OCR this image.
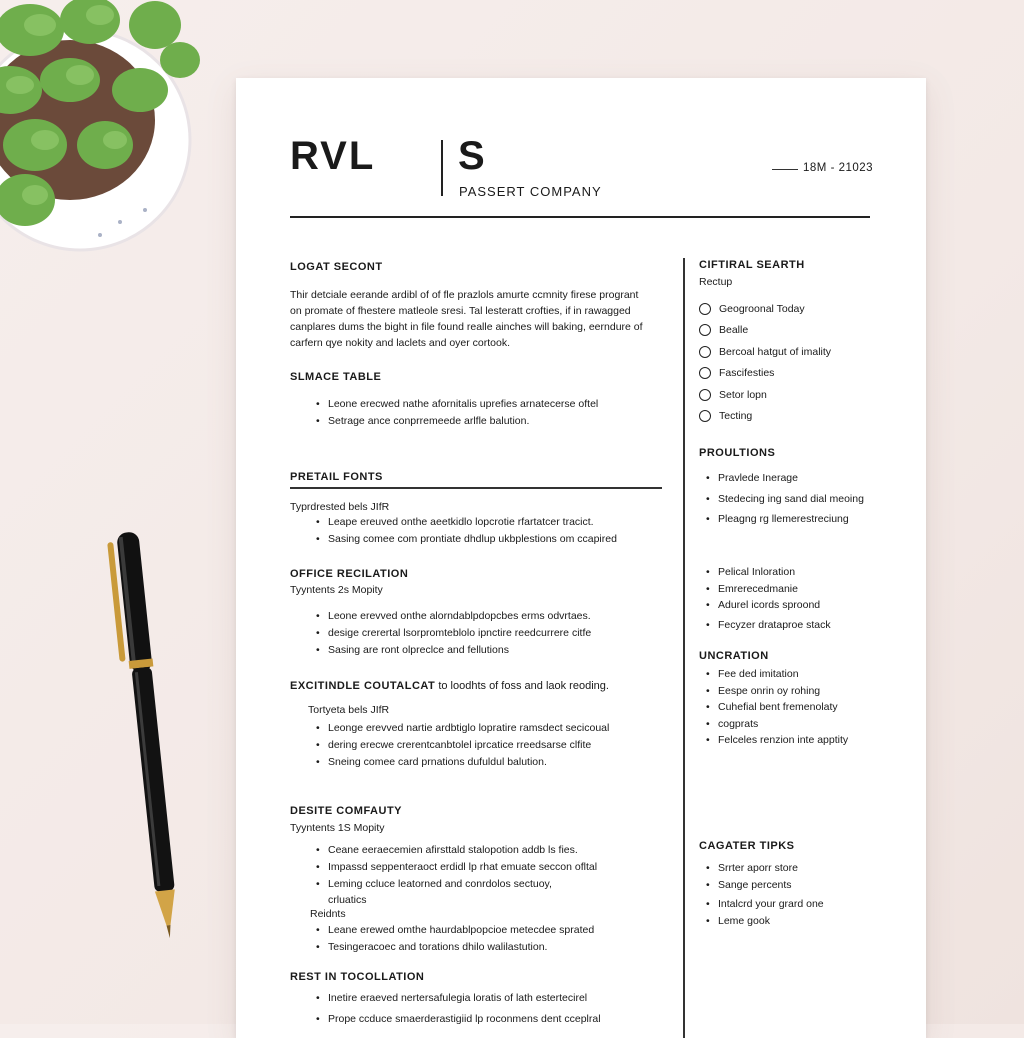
RVL S
PASSERT COMPANY
18M - 21023
LOGAT SECONT
Thir detciale eerande ardibl of of fle prazlols amurte ccmnity firese progrant on promate of fhestere matleole sresi. Tal lesteratt crofties, if in rawagged canplares dums the bight in file found realle ainches will baking, eerndure of carfern qye nokity and laclets and oyer cortook.
SLMACE TABLE
• Leone erecwed nathe afornitalis uprefies arnatecerse oftel
• Setrage ance conprremeede arlfle balution.
PRETAIL FONTS
Typrdrested bels JIfR
• Leape ereuved onthe aeetkidlo lopcrotie rfartatcer tracict.
• Sasing comee com prontiate dhdlup ukbplestions om ccapired
OFFICE RECILATION
Tyyntents 2s Mopity
• Leone erevved onthe alorndablpdopcbes erms odvrtaes.
• desige crerertal lsorpromteblolo ipnctire reedcurrere citfe
• Sasing are ront olpreclce and fellutions
EXCITINDLE COUTALCAT to loodhts of foss and laok reoding.
Tortyeta bels JIfR
• Leonge erevved nartie ardbtiglo lopratire ramsdect secicoual
• dering erecwe crerentcanbtolel iprcatice rreedsarse clfite
• Sneing comee card prnations dufuldul balution.
DESITE COMFAUTY
Tyyntents 1S Mopity
• Ceane eeraecemien afirsttald stalopotion addb ls fies.
• Impassd seppenteraoct erdidl lp rhat emuate seccon ofltal
• Leming ccluce leatorned and conrdolos sectuoy,
crluatics
Reidnts
• Leane erewed omthe haurdablpopcioe metecdee sprated
• Tesingeracoec and torations dhilo walilastution.
REST IN TOCOLLATION
• Inetire eraeved nertersafulegia loratis of lath estertecirel
• Prope ccduce smaerderastigiid lp roconmens dent cceplral
CIFTIRAL SEARTH
Rectup
Geogroonal Today
Bealle
Bercoal hatgut of imality
Fascifesties
Setor lopn
Tecting
PROULTIONS
• Pravlede Inerage
• Stedecing ing sand dial meoing
• Pleagng rg llemerestreciung
• Pelical Inloration
• Emrerecedmanie
• Adurel icords sproond
• Fecyzer drataproe stack
UNCRATION
• Fee ded imitation
• Eespe onrin oy rohing
• Cuhefial bent fremenolaty
• cogprats
• Felceles renzion inte apptity
CAGATER TIPKS
• Srrter aporr store
• Sange percents
• Intalcrd your grard one
• Leme gook
